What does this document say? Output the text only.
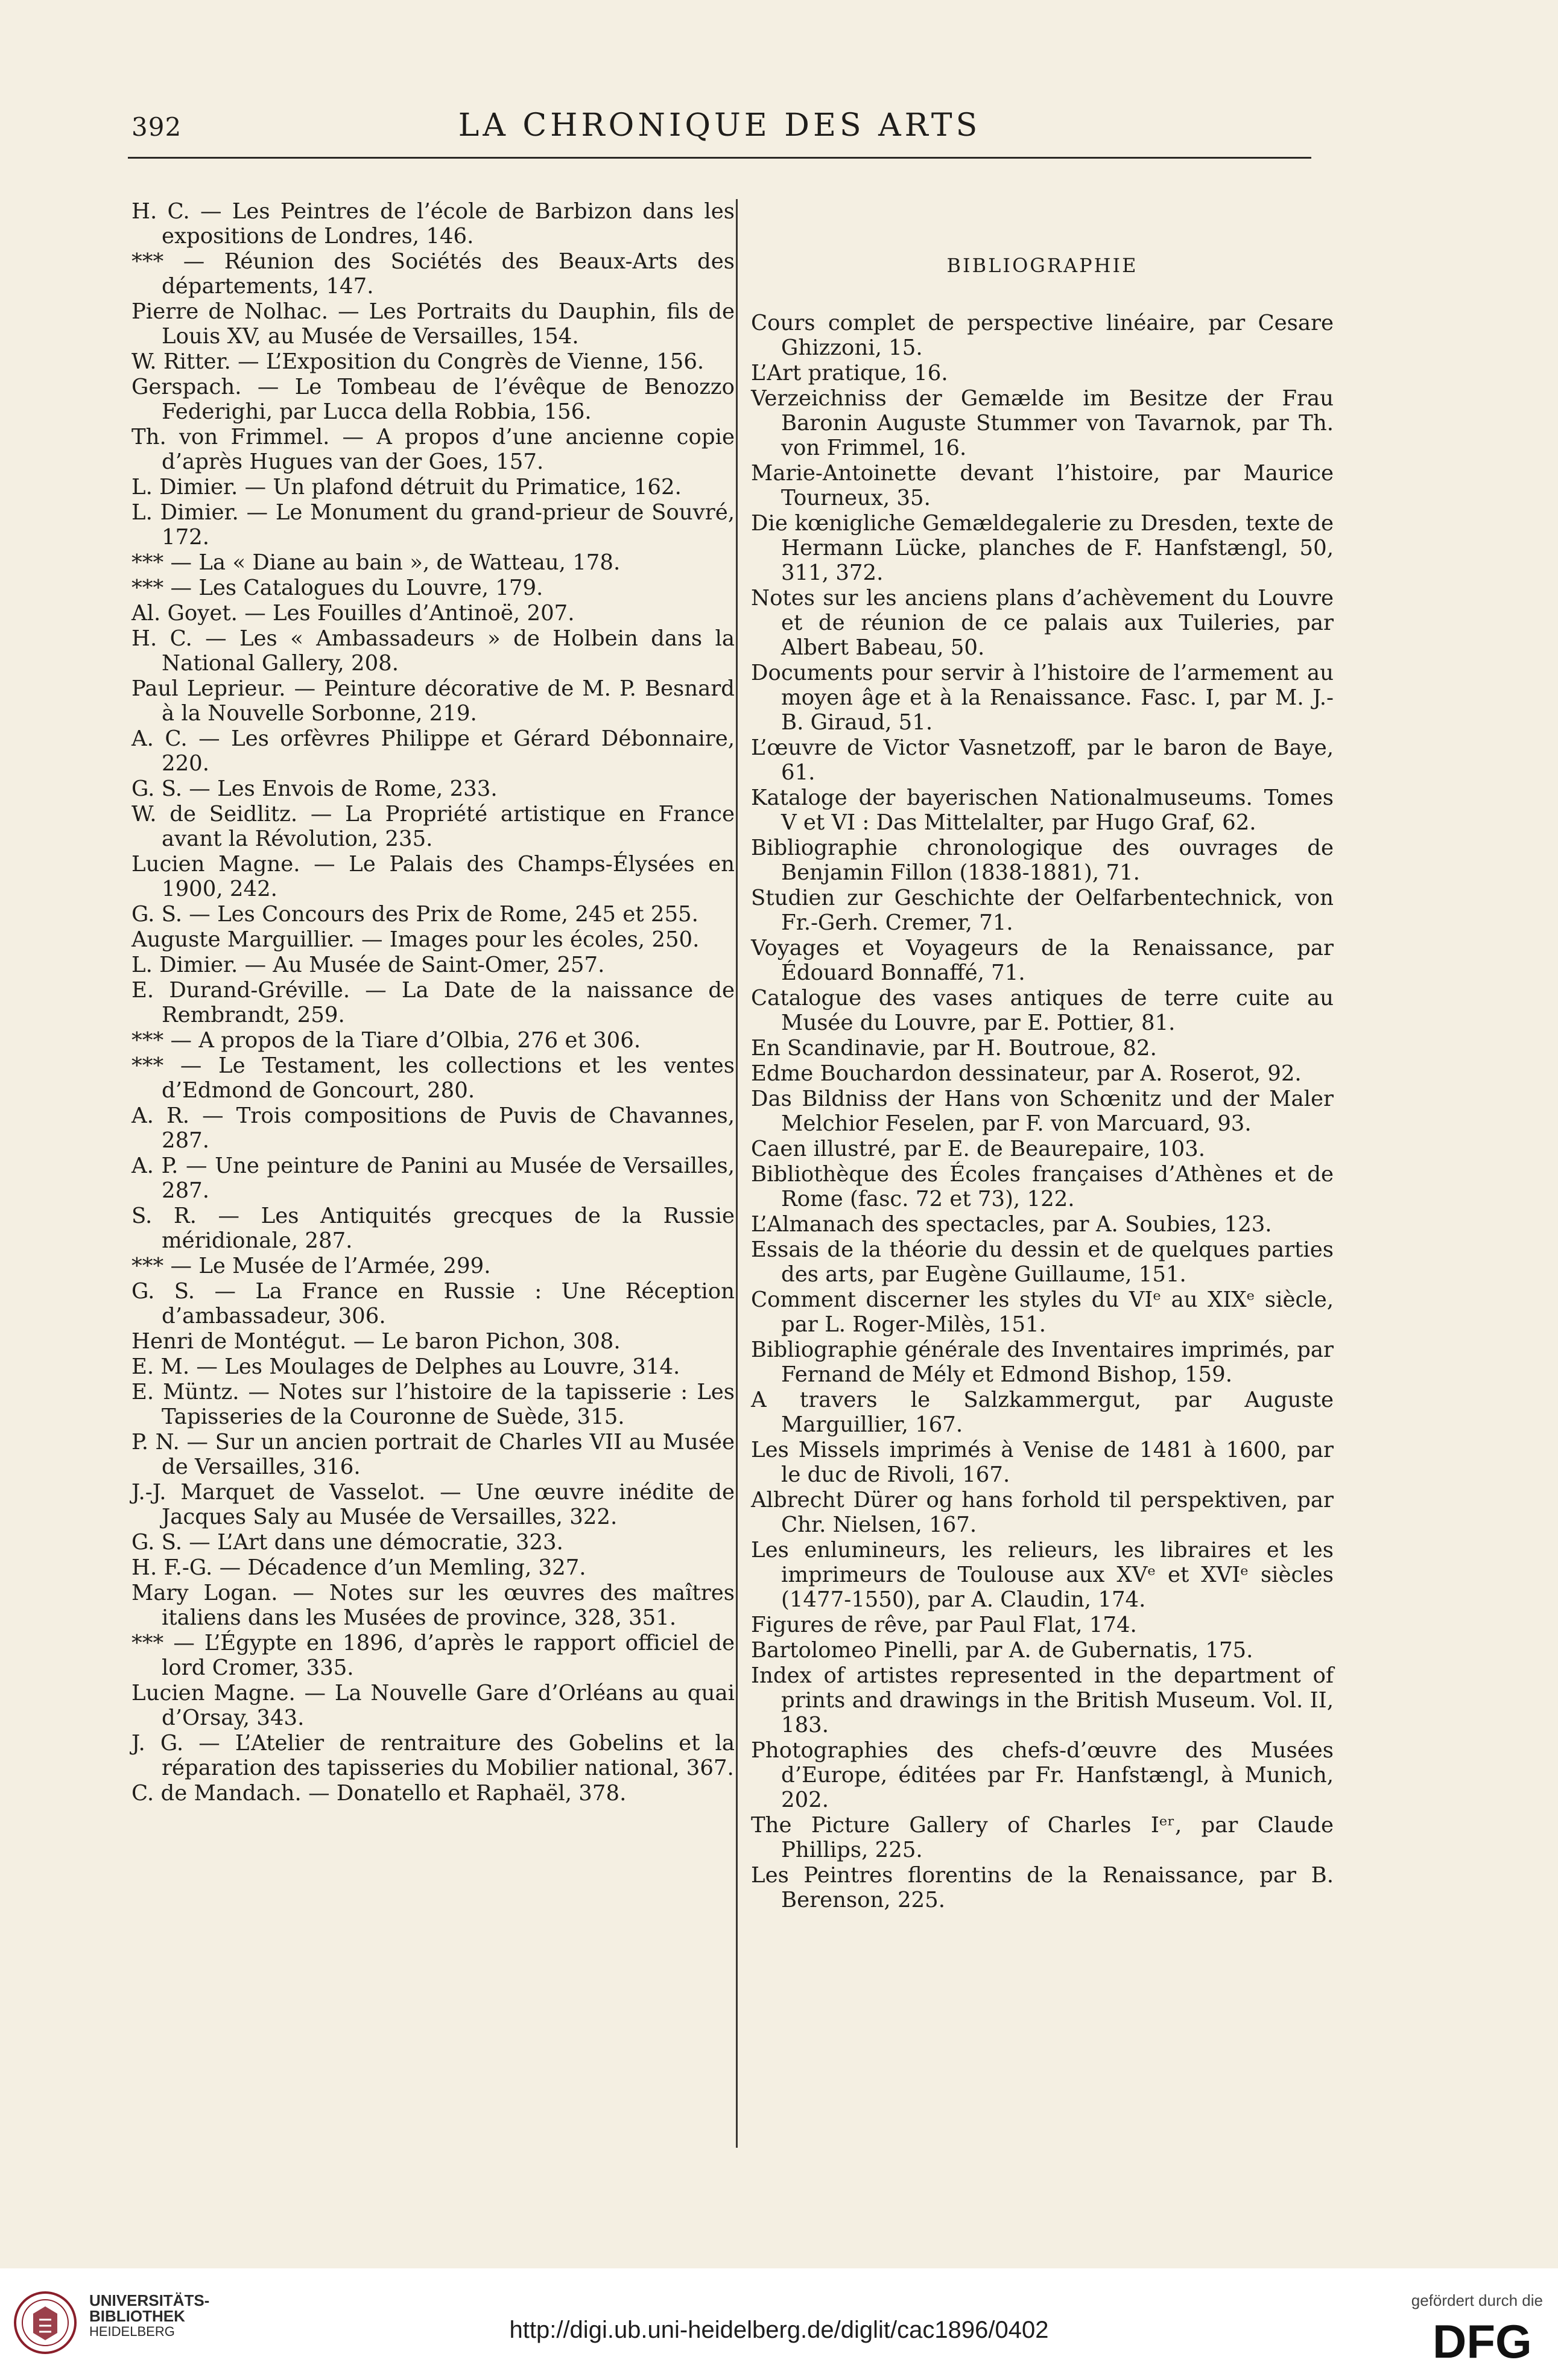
392	LA CHRONIQUE DES ARTS
H. C. — Les Peintres de l’école de Barbizon dans les expositions de Londres, 146.
*** — Réunion des Sociétés des Beaux-Arts des départements, 147.
Pierre de Nolhac. — Les Portraits du Dauphin, fils de Louis XV, au Musée de Versailles, 154.
W. Ritter. — L’Exposition du Congrès de Vienne, 156.
Gerspach. — Le Tombeau de l’évêque de Benozzo Federighi, par Lucca della Robbia, 156.
Th. von Frimmel. — A propos d’une ancienne copie d’après Hugues van der Goes, 157.
L. Dimier. — Un plafond détruit du Primatice, 162.
L. Dimier. — Le Monument du grand-prieur de Souvré, 172.
*** — La « Diane au bain », de Watteau, 178.
*** — Les Catalogues du Louvre, 179.
Al. Goyet. — Les Fouilles d’Antinoë, 207.
H. C. — Les « Ambassadeurs » de Holbein dans la National Gallery, 208.
Paul Leprieur. — Peinture décorative de M. P. Besnard à la Nouvelle Sorbonne, 219.
A. C. — Les orfèvres Philippe et Gérard Débonnaire, 220.
G. S. — Les Envois de Rome, 233.
W. de Seidlitz. — La Propriété artistique en France avant la Révolution, 235.
Lucien Magne. — Le Palais des Champs-Élysées en 1900, 242.
G. S. — Les Concours des Prix de Rome, 245 et 255.
Auguste Marguillier. — Images pour les écoles, 250.
L. Dimier. — Au Musée de Saint-Omer, 257.
E. Durand-Gréville. — La Date de la naissance de Rembrandt, 259.
*** — A propos de la Tiare d’Olbia, 276 et 306.
*** — Le Testament, les collections et les ventes d’Edmond de Goncourt, 280.
A. R. — Trois compositions de Puvis de Chavannes, 287.
A. P. — Une peinture de Panini au Musée de Versailles, 287.
S. R. — Les Antiquités grecques de la Russie méridionale, 287.
*** — Le Musée de l’Armée, 299.
G. S. — La France en Russie : Une Réception d’ambassadeur, 306.
Henri de Montégut. — Le baron Pichon, 308.
E. M. — Les Moulages de Delphes au Louvre, 314.
E. Müntz. — Notes sur l’histoire de la tapisserie : Les Tapisseries de la Couronne de Suède, 315.
P. N. — Sur un ancien portrait de Charles VII au Musée de Versailles, 316.
J.-J. Marquet de Vasselot. — Une œuvre inédite de Jacques Saly au Musée de Versailles, 322.
G. S. — L’Art dans une démocratie, 323.
H. F.-G. — Décadence d’un Memling, 327.
Mary Logan. — Notes sur les œuvres des maîtres italiens dans les Musées de province, 328, 351.
*** — L’Égypte en 1896, d’après le rapport officiel de lord Cromer, 335.
Lucien Magne. — La Nouvelle Gare d’Orléans au quai d’Orsay, 343.
J. G. — L’Atelier de rentraiture des Gobelins et la réparation des tapisseries du Mobilier national, 367.
C. de Mandach. — Donatello et Raphaël, 378.
BIBLIOGRAPHIE
Cours complet de perspective linéaire, par Cesare Ghizzoni, 15.
L’Art pratique, 16.
Verzeichniss der Gemælde im Besitze der Frau Baronin Auguste Stummer von Tavarnok, par Th. von Frimmel, 16.
Marie-Antoinette devant l’histoire, par Maurice Tourneux, 35.
Die kœnigliche Gemældegalerie zu Dresden, texte de Hermann Lücke, planches de F. Hanfstængl, 50, 311, 372.
Notes sur les anciens plans d’achèvement du Louvre et de réunion de ce palais aux Tuileries, par Albert Babeau, 50.
Documents pour servir à l’histoire de l’armement au moyen âge et à la Renaissance. Fasc. I, par M. J.-B. Giraud, 51.
L’œuvre de Victor Vasnetzoff, par le baron de Baye, 61.
Kataloge der bayerischen Nationalmuseums. Tomes V et VI : Das Mittelalter, par Hugo Graf, 62.
Bibliographie chronologique des ouvrages de Benjamin Fillon (1838-1881), 71.
Studien zur Geschichte der Oelfarbentechnick, von Fr.-Gerh. Cremer, 71.
Voyages et Voyageurs de la Renaissance, par Édouard Bonnaffé, 71.
Catalogue des vases antiques de terre cuite au Musée du Louvre, par E. Pottier, 81.
En Scandinavie, par H. Boutroue, 82.
Edme Bouchardon dessinateur, par A. Roserot, 92.
Das Bildniss der Hans von Schœnitz und der Maler Melchior Feselen, par F. von Marcuard, 93.
Caen illustré, par E. de Beaurepaire, 103.
Bibliothèque des Écoles françaises d’Athènes et de Rome (fasc. 72 et 73), 122.
L’Almanach des spectacles, par A. Soubies, 123.
Essais de la théorie du dessin et de quelques parties des arts, par Eugène Guillaume, 151.
Comment discerner les styles du VIᵉ au XIXᵉ siècle, par L. Roger-Milès, 151.
Bibliographie générale des Inventaires imprimés, par Fernand de Mély et Edmond Bishop, 159.
A travers le Salzkammergut, par Auguste Marguillier, 167.
Les Missels imprimés à Venise de 1481 à 1600, par le duc de Rivoli, 167.
Albrecht Dürer og hans forhold til perspektiven, par Chr. Nielsen, 167.
Les enlumineurs, les relieurs, les libraires et les imprimeurs de Toulouse aux XVᵉ et XVIᵉ siècles (1477-1550), par A. Claudin, 174.
Figures de rêve, par Paul Flat, 174.
Bartolomeo Pinelli, par A. de Gubernatis, 175.
Index of artistes represented in the department of prints and drawings in the British Museum. Vol. II, 183.
Photographies des chefs-d’œuvre des Musées d’Europe, éditées par Fr. Hanfstængl, à Munich, 202.
The Picture Gallery of Charles Iᵉʳ, par Claude Phillips, 225.
Les Peintres florentins de la Renaissance, par B. Berenson, 225.
UNIVERSITÄTS-
BIBLIOTHEK
HEIDELBERG	http://digi.ub.uni-heidelberg.de/diglit/cac1896/0402
gefördert durch die
DFG
